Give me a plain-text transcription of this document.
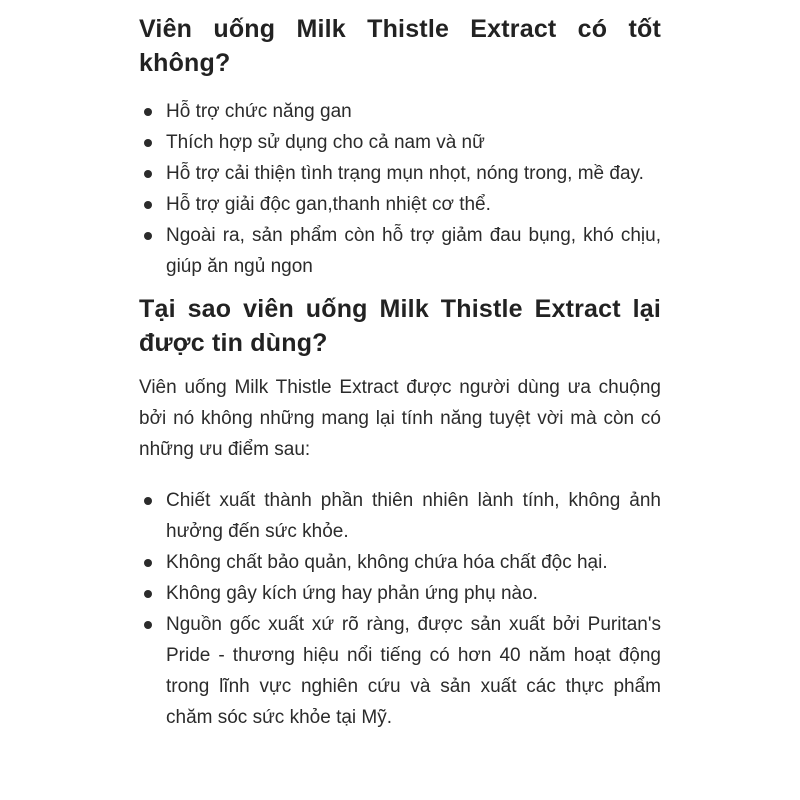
Viên uống Milk Thistle Extract có tốt không?
Hỗ trợ chức năng gan
Thích hợp sử dụng cho cả nam và nữ
Hỗ trợ cải thiện tình trạng mụn nhọt, nóng trong, mề đay.
Hỗ trợ giải độc gan,thanh nhiệt cơ thể.
Ngoài ra, sản phẩm còn hỗ trợ giảm đau bụng, khó chịu, giúp ăn ngủ ngon
Tại sao viên uống Milk Thistle Extract lại được tin dùng?

Viên uống Milk Thistle Extract được người dùng ưa chuộng bởi nó không những mang lại tính năng tuyệt vời mà còn có những ưu điểm sau:

Chiết xuất thành phần thiên nhiên lành tính, không ảnh hưởng đến sức khỏe.
Không chất bảo quản, không chứa hóa chất độc hại.
Không gây kích ứng hay phản ứng phụ nào.
Nguồn gốc xuất xứ rõ ràng, được sản xuất bởi Puritan's Pride - thương hiệu nổi tiếng có hơn 40 năm hoạt động trong lĩnh vực nghiên cứu và sản xuất các thực phẩm chăm sóc sức khỏe tại Mỹ.
